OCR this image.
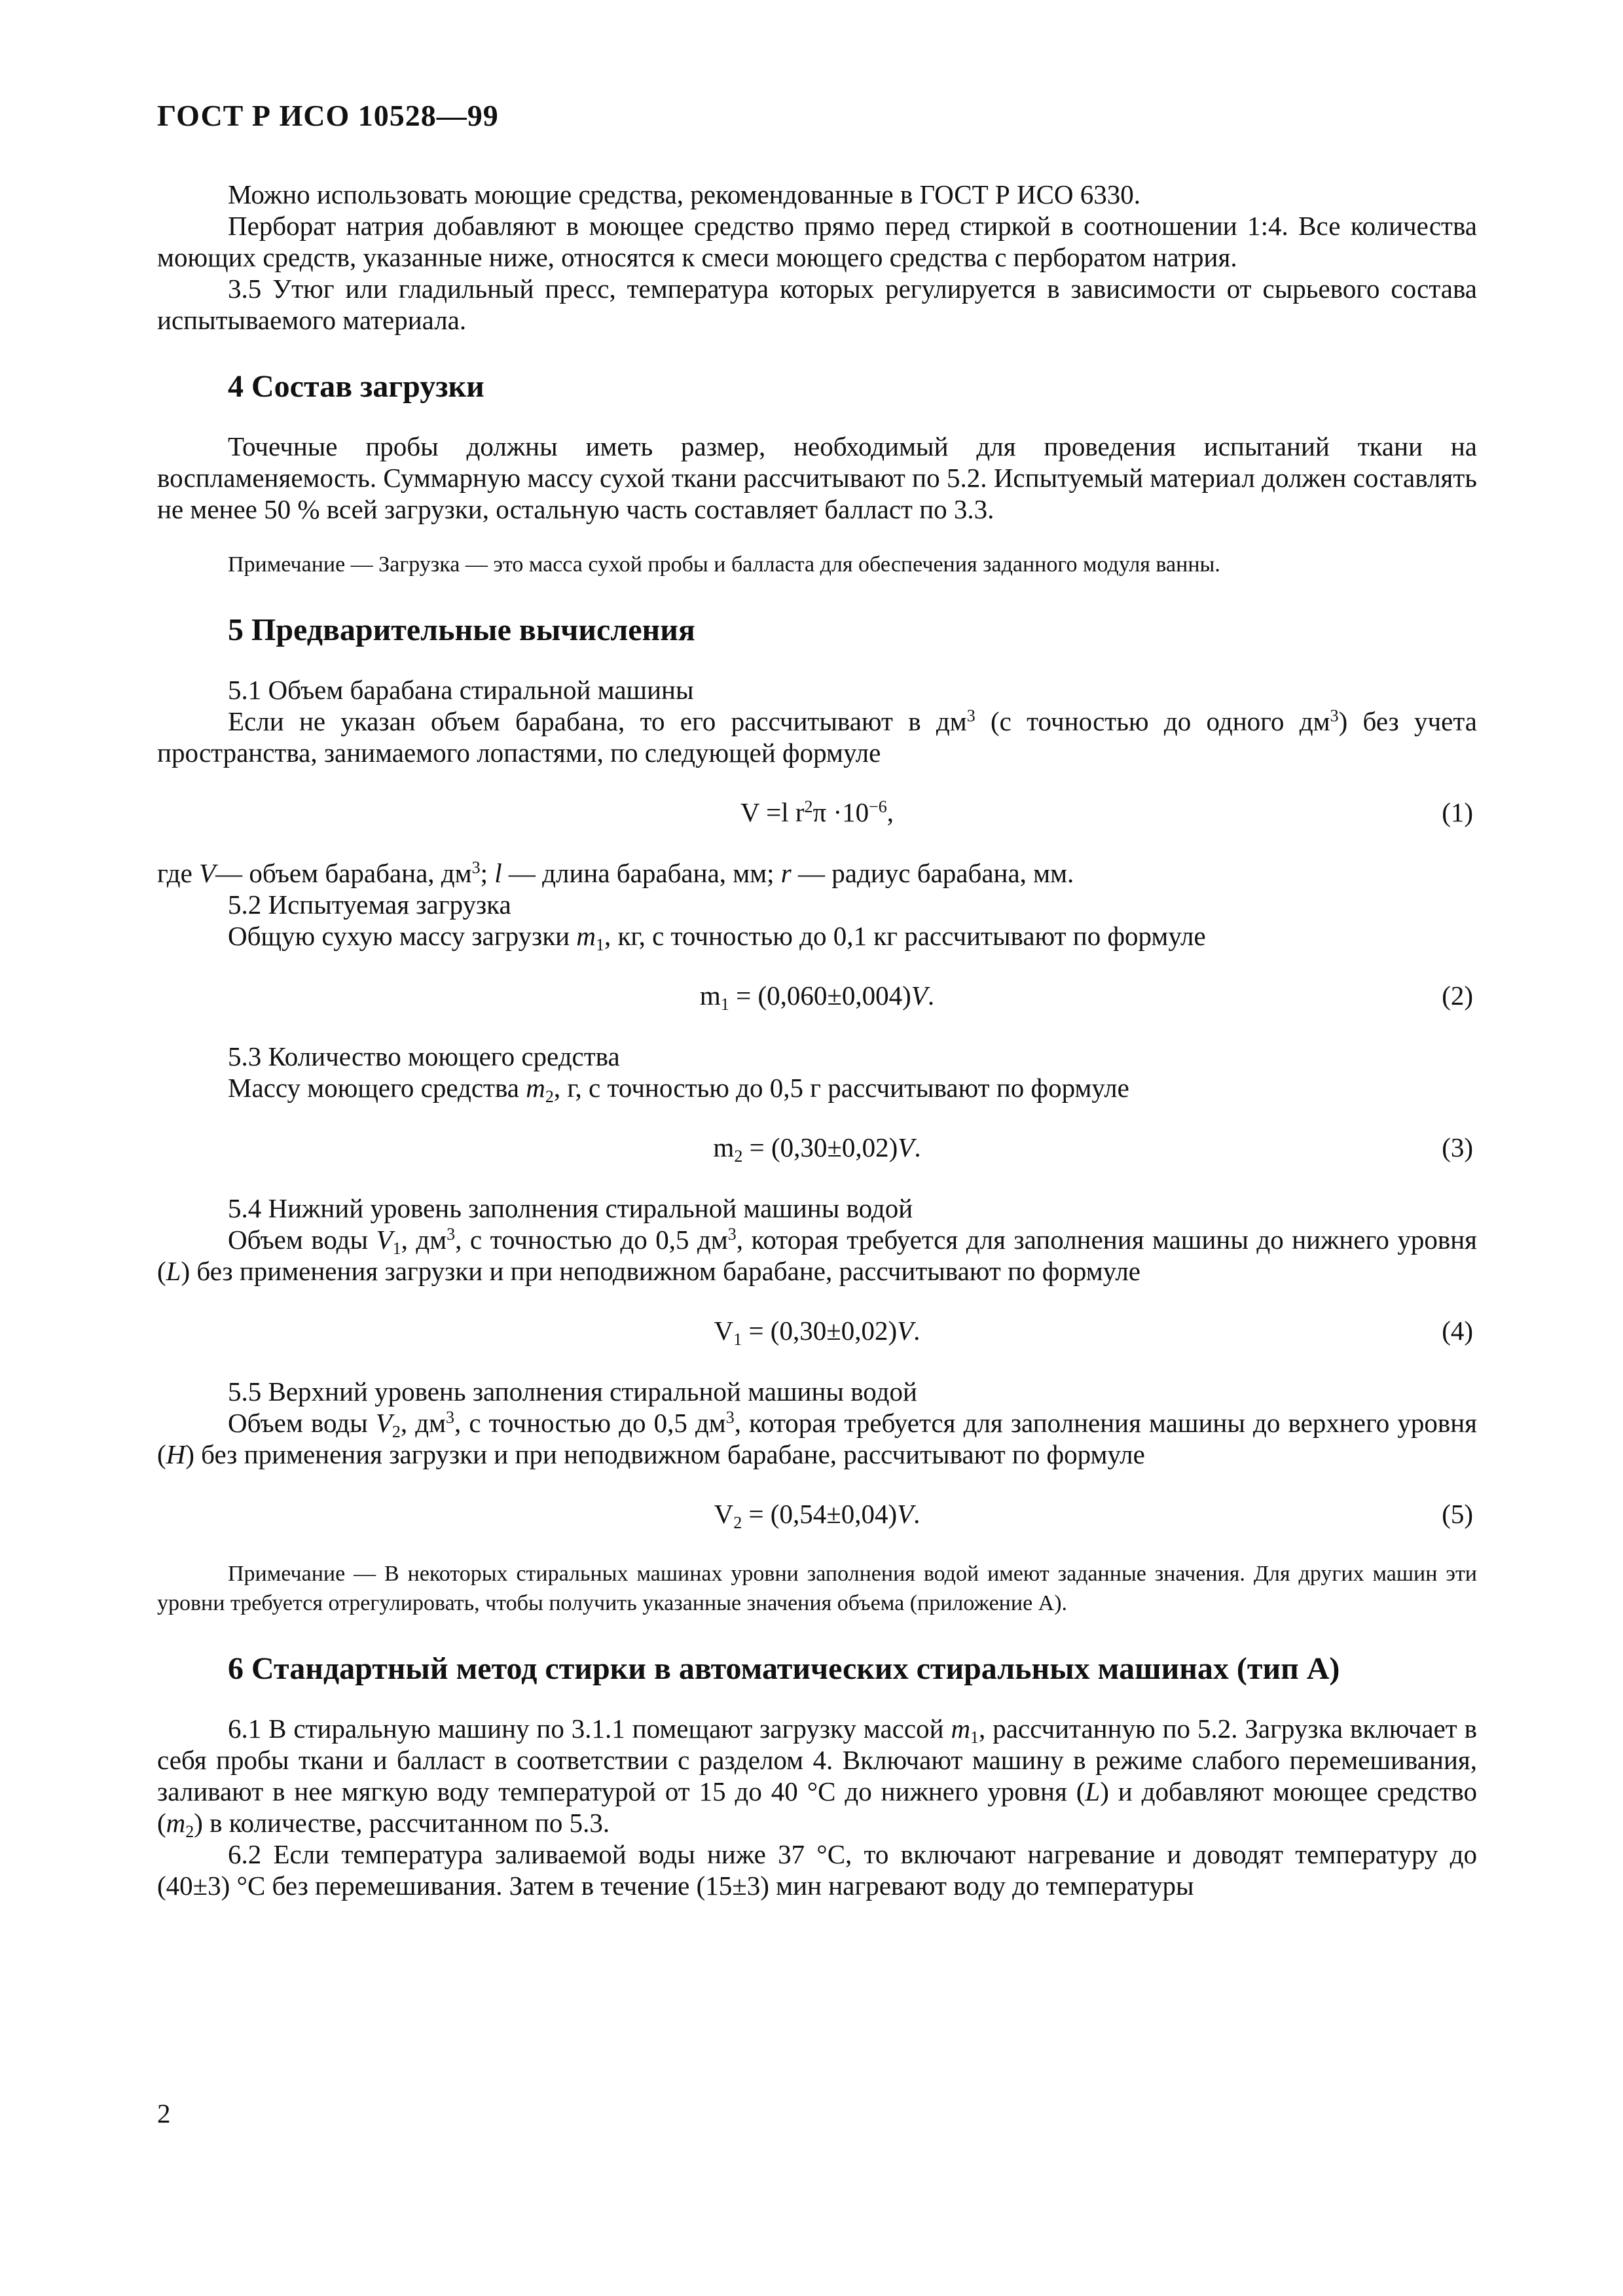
ГОСТ Р ИСО 10528—99

Можно использовать моющие средства, рекомендованные в ГОСТ Р ИСО 6330.

Перборат натрия добавляют в моющее средство прямо перед стиркой в соотношении 1:4. Все количества моющих средств, указанные ниже, относятся к смеси моющего средства с перборатом натрия.

3.5 Утюг или гладильный пресс, температура которых регулируется в зависимости от сырьевого состава испытываемого материала.

4 Состав загрузки

Точечные пробы должны иметь размер, необходимый для проведения испытаний ткани на воспламеняемость. Суммарную массу сухой ткани рассчитывают по 5.2. Испытуемый материал должен составлять не менее 50 % всей загрузки, остальную часть составляет балласт по 3.3.

Примечание — Загрузка — это масса сухой пробы и балласта для обеспечения заданного модуля ванны.
5 Предварительные вычисления

5.1 Объем барабана стиральной машины

Если не указан объем барабана, то его рассчитывают в $дм^3$ (с точностью до одного $дм^3$) без учета пространства, занимаемого лопастями, по следующей формуле

V =l $r^2\pi \cdot 10^{-6}$,	(1)

где V— объем барабана, $дм^3$; l — длина барабана, мм; r — радиус барабана, мм.

5.2 Испытуемая загрузка

Общую сухую массу загрузки $m_1$, кг, с точностью до 0,1 кг рассчитывают по формуле

$m_1 = (0,060\pm 0,004)V$.	(2)

5.3 Количество моющего средства

Массу моющего средства $m_2$, г, с точностью до 0,5 г рассчитывают по формуле

$m_2 = (0,30\pm 0,02)V$.	(3)

5.4 Нижний уровень заполнения стиральной машины водой

Объем воды $V_1$, $дм^3$, с точностью до 0,5 $дм^3$, которая требуется для заполнения машины до нижнего уровня (L) без применения загрузки и при неподвижном барабане, рассчитывают по формуле

$V_1 = (0,30\pm 0,02)V$.	(4)

5.5 Верхний уровень заполнения стиральной машины водой

Объем воды $V_2$, $дм^3$, с точностью до 0,5 $дм^3$, которая требуется для заполнения машины до верхнего уровня (H) без применения загрузки и при неподвижном барабане, рассчитывают по формуле

$V_2 = (0,54\pm 0,04)V$.	(5)
Примечание — В некоторых стиральных машинах уровни заполнения водой имеют заданные значения. Для других машин эти уровни требуется отрегулировать, чтобы получить указанные значения объема (приложение А).
6 Стандартный метод стирки в автоматических стиральных машинах (тип А)

6.1 В стиральную машину по 3.1.1 помещают загрузку массой $m_1$, рассчитанную по 5.2. Загрузка включает в себя пробы ткани и балласт в соответствии с разделом 4. Включают машину в режиме слабого перемешивания, заливают в нее мягкую воду температурой от 15 до 40 °С до нижнего уровня (L) и добавляют моющее средство $(m_2)$ в количестве, рассчитанном по 5.3.

6.2 Если температура заливаемой воды ниже 37 °С, то включают нагревание и доводят температуру до (40±3) °С без перемешивания. Затем в течение (15±3) мин нагревают воду до температуры

2
